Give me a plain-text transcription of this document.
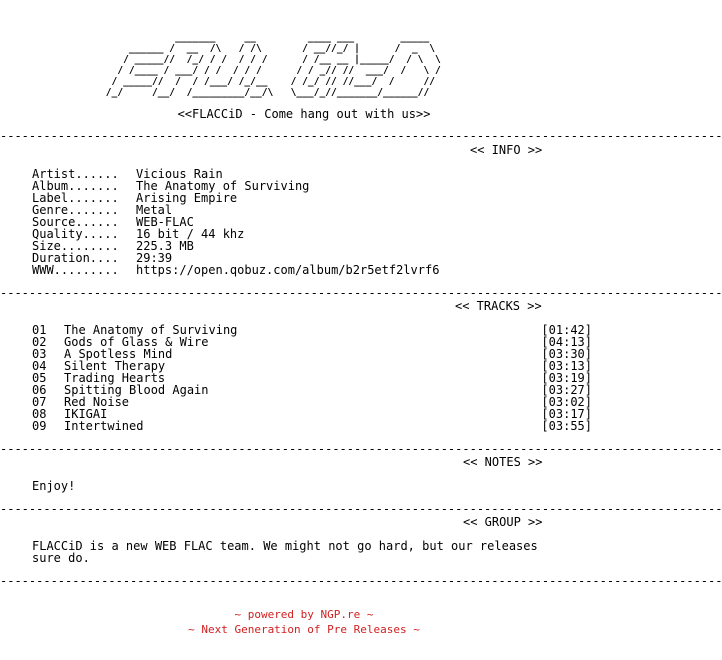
_______     __         ____ ___        _____
______ /  __  /\   / /\       / __//_/ |      /  _  \
/ _____//  /_/ / /  / / /      / /__ __ |_____/  / \  \
/ /____ / ___/ / /  / / /      / / _// //  ___/  /   \ /
/ _____//  /  / /___/ /_/__    / /_/ // //___/  /     //
/_/     /__/  /_________/__/\   \___/_//_______/______//
<<FLACCiD - Come hang out with us>>
----------------------------------------------------------------------------------------------------
<< INFO >>
Artist...... Vicious Rain
Album....... The Anatomy of Surviving
Label....... Arising Empire
Genre....... Metal
Source...... WEB-FLAC
Quality..... 16 bit / 44 khz
Size........ 225.3 MB
Duration.... 29:39
WWW......... https://open.qobuz.com/album/b2r5etf2lvrf6
----------------------------------------------------------------------------------------------------
<< TRACKS >>
01 The Anatomy of Surviving	[01:42]
02 Gods of Glass & Wire	[04:13]
03 A Spotless Mind	[03:30]
04 Silent Therapy	[03:13]
05 Trading Hearts	[03:19]
06 Spitting Blood Again	[03:27]
07 Red Noise	[03:02]
08 IKIGAI	[03:17]
09 Intertwined	[03:55]
----------------------------------------------------------------------------------------------------
<< NOTES >>
Enjoy!
----------------------------------------------------------------------------------------------------
<< GROUP >>
FLACCiD is a new WEB FLAC team. We might not go hard, but our releases
sure do.
----------------------------------------------------------------------------------------------------
~ powered by NGP.re ~
~ Next Generation of Pre Releases ~
